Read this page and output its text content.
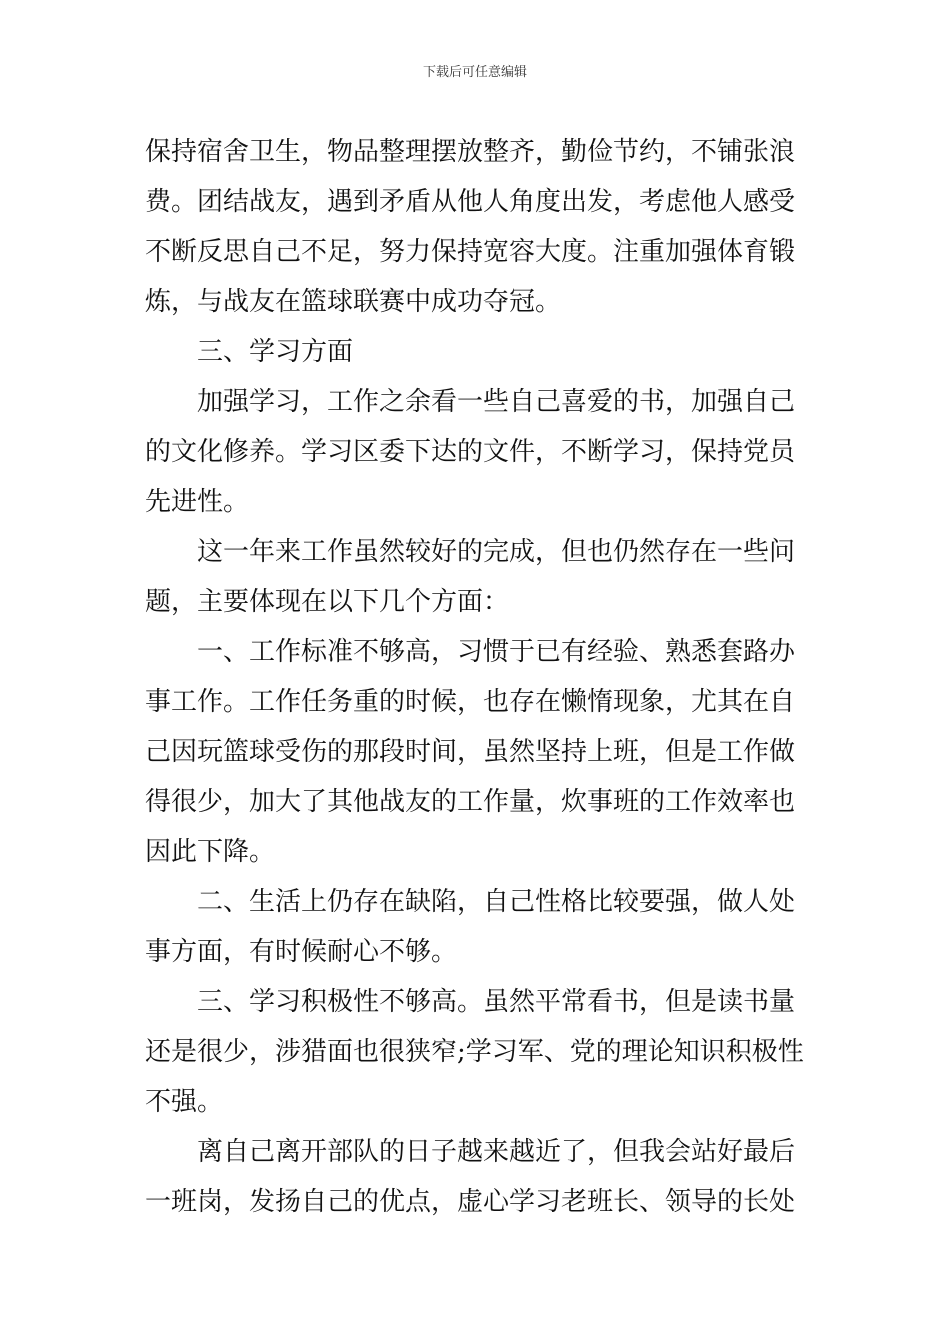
下载后可任意编辑
保持宿舍卫生，物品整理摆放整齐，勤俭节约，不铺张浪
费。团结战友，遇到矛盾从他人角度出发，考虑他人感受
不断反思自己不足，努力保持宽容大度。注重加强体育锻
炼，与战友在篮球联赛中成功夺冠。
三、学习方面
加强学习，工作之余看一些自己喜爱的书，加强自己
的文化修养。学习区委下达的文件，不断学习，保持党员
先进性。
这一年来工作虽然较好的完成，但也仍然存在一些问
题，主要体现在以下几个方面：
一、工作标准不够高，习惯于已有经验、熟悉套路办
事工作。工作任务重的时候，也存在懒惰现象，尤其在自
己因玩篮球受伤的那段时间，虽然坚持上班，但是工作做
得很少，加大了其他战友的工作量，炊事班的工作效率也
因此下降。
二、生活上仍存在缺陷，自己性格比较要强，做人处
事方面，有时候耐心不够。
三、学习积极性不够高。虽然平常看书，但是读书量
还是很少，涉猎面也很狭窄;学习军、党的理论知识积极性
不强。
离自己离开部队的日子越来越近了，但我会站好最后
一班岗，发扬自己的优点，虚心学习老班长、领导的长处
